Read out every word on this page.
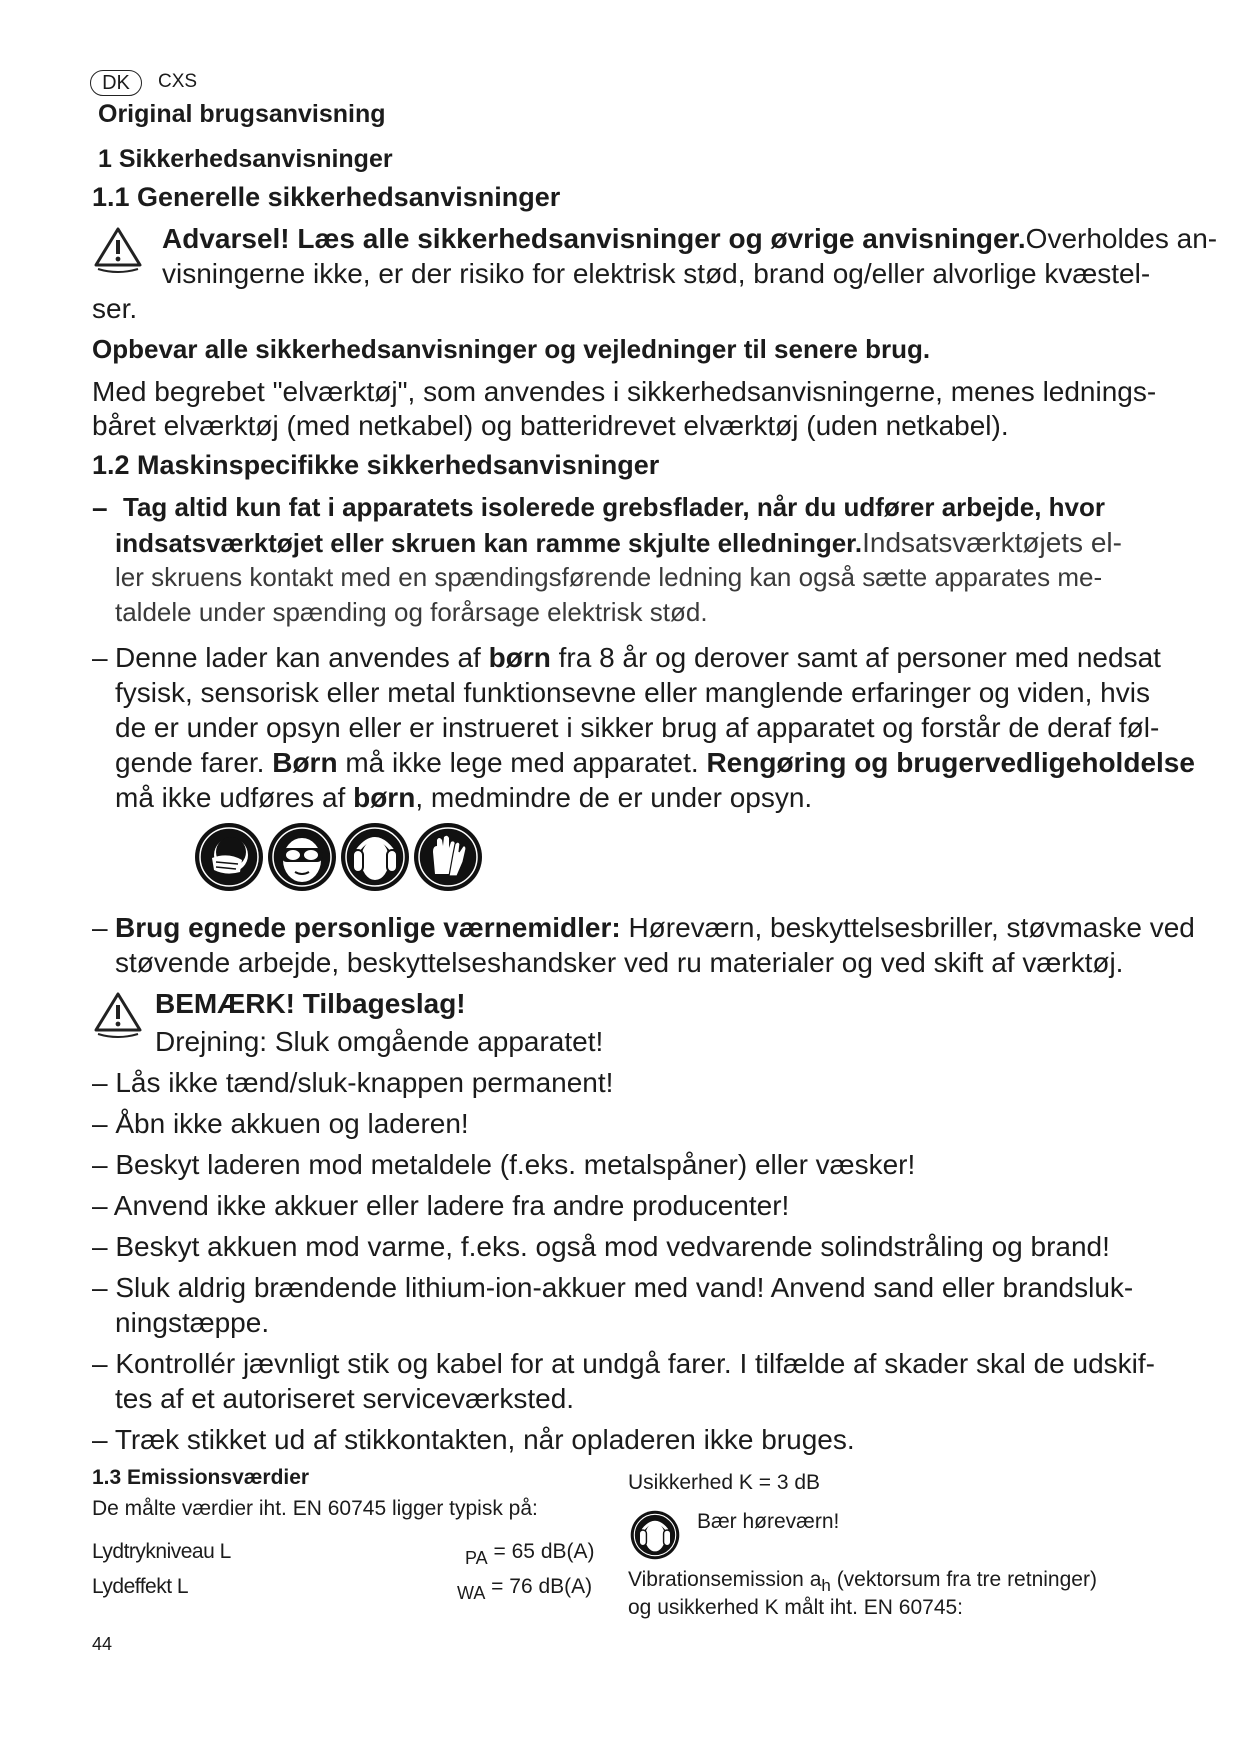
DK	CXS
Original brugsanvisning
1 Sikkerhedsanvisninger
1.1 Generelle sikkerhedsanvisninger
Advarsel! Læs alle sikkerhedsanvisninger og øvrige anvisninger.Overholdes an-
visningerne ikke, er der risiko for elektrisk stød, brand og/eller alvorlige kvæstel-
ser.
Opbevar alle sikkerhedsanvisninger og vejledninger til senere brug.
Med begrebet "elværktøj", som anvendes i sikkerhedsanvisningerne, menes lednings-
båret elværktøj (med netkabel) og batteridrevet elværktøj (uden netkabel).
1.2 Maskinspecifikke sikkerhedsanvisninger
– Tag altid kun fat i apparatets isolerede grebsflader, når du udfører arbejde, hvor
indsatsværktøjet eller skruen kan ramme skjulte elledninger.Indsatsværktøjets el-
ler skruens kontakt med en spændingsførende ledning kan også sætte apparates me-
taldele under spænding og forårsage elektrisk stød.
– Denne lader kan anvendes af børn fra 8 år og derover samt af personer med nedsat
fysisk, sensorisk eller metal funktionsevne eller manglende erfaringer og viden, hvis
de er under opsyn eller er instrueret i sikker brug af apparatet og forstår de deraf føl-
gende farer. Børn må ikke lege med apparatet. Rengøring og brugervedligeholdelse
må ikke udføres af børn, medmindre de er under opsyn.
– Brug egnede personlige værnemidler: Høreværn, beskyttelsesbriller, støvmaske ved
støvende arbejde, beskyttelseshandsker ved ru materialer og ved skift af værktøj.
BEMÆRK! Tilbageslag!
Drejning: Sluk omgående apparatet!
– Lås ikke tænd/sluk-knappen permanent!
– Åbn ikke akkuen og laderen!
– Beskyt laderen mod metaldele (f.eks. metalspåner) eller væsker!
– Anvend ikke akkuer eller ladere fra andre producenter!
– Beskyt akkuen mod varme, f.eks. også mod vedvarende solindstråling og brand!
– Sluk aldrig brændende lithium-ion-akkuer med vand! Anvend sand eller brandsluk-
ningstæppe.
– Kontrollér jævnligt stik og kabel for at undgå farer. I tilfælde af skader skal de udskif-
tes af et autoriseret serviceværksted.
– Træk stikket ud af stikkontakten, når opladeren ikke bruges.
1.3 Emissionsværdier
De målte værdier iht. EN 60745 ligger typisk på:
Lydtrykniveau L	PA = 65 dB(A)
Lydeffekt L	WA = 76 dB(A)
Usikkerhed K = 3 dB
Bær høreværn!
Vibrationsemission $a_h$ (vektorsum fra tre retninger)
og usikkerhed K målt iht. EN 60745:
44
